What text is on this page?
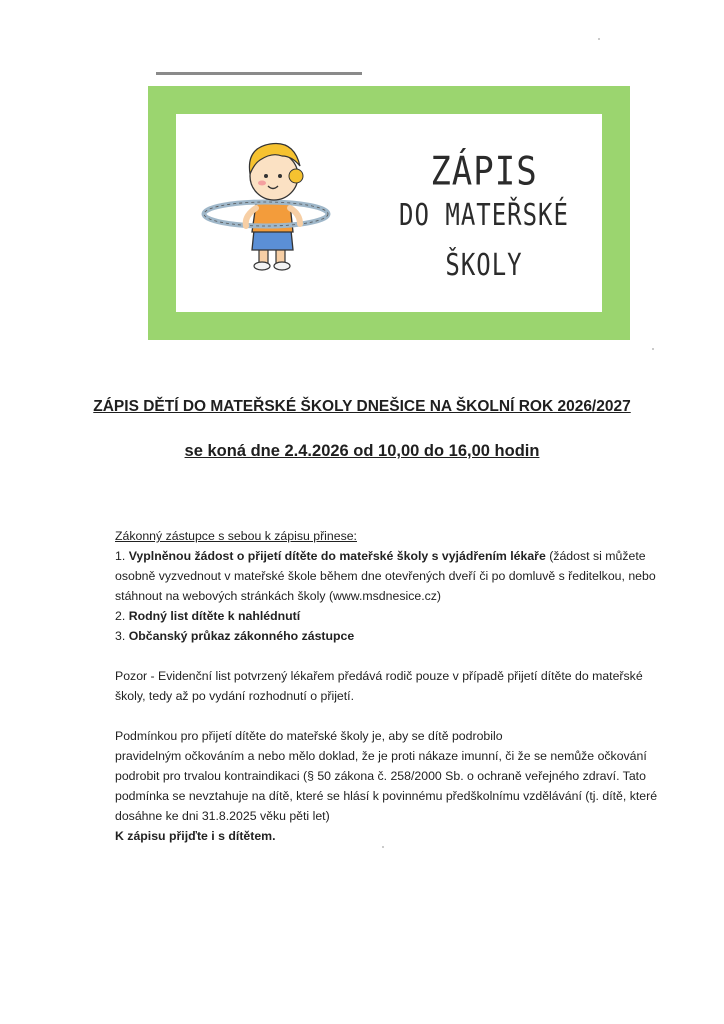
ZÁPIS
DO MATEŘSKÉ ŠKOLY
ZÁPIS DĚTÍ DO MATEŘSKÉ ŠKOLY DNEŠICE NA ŠKOLNÍ ROK 2026/2027
se koná dne 2.4.2026 od 10,00 do 16,00 hodin

Zákonný zástupce s sebou k zápisu přinese:

1. Vyplněnou žádost o přijetí dítěte do mateřské školy s vyjádřením lékaře (žádost si můžete osobně vyzvednout v mateřské škole během dne otevřených dveří či po domluvě s ředitelkou, nebo stáhnout na webových stránkách školy (www.msdnesice.cz)

2. Rodný list dítěte k nahlédnutí

3. Občanský průkaz zákonného zástupce

Pozor - Evidenční list potvrzený lékařem předává rodič pouze v případě přijetí dítěte do mateřské školy, tedy až po vydání rozhodnutí o přijetí.

Podmínkou pro přijetí dítěte do mateřské školy je, aby se dítě podrobilo

pravidelným očkováním a nebo mělo doklad, že je proti nákaze imunní, či že se nemůže očkování podrobit pro trvalou kontraindikaci (§ 50 zákona č. 258/2000 Sb. o ochraně veřejného zdraví. Tato podmínka se nevztahuje na dítě, které se hlásí k povinnému předškolnímu vzdělávání (tj. dítě, které dosáhne ke dni 31.8.2025 věku pěti let)

K zápisu přijďte i s dítětem.
